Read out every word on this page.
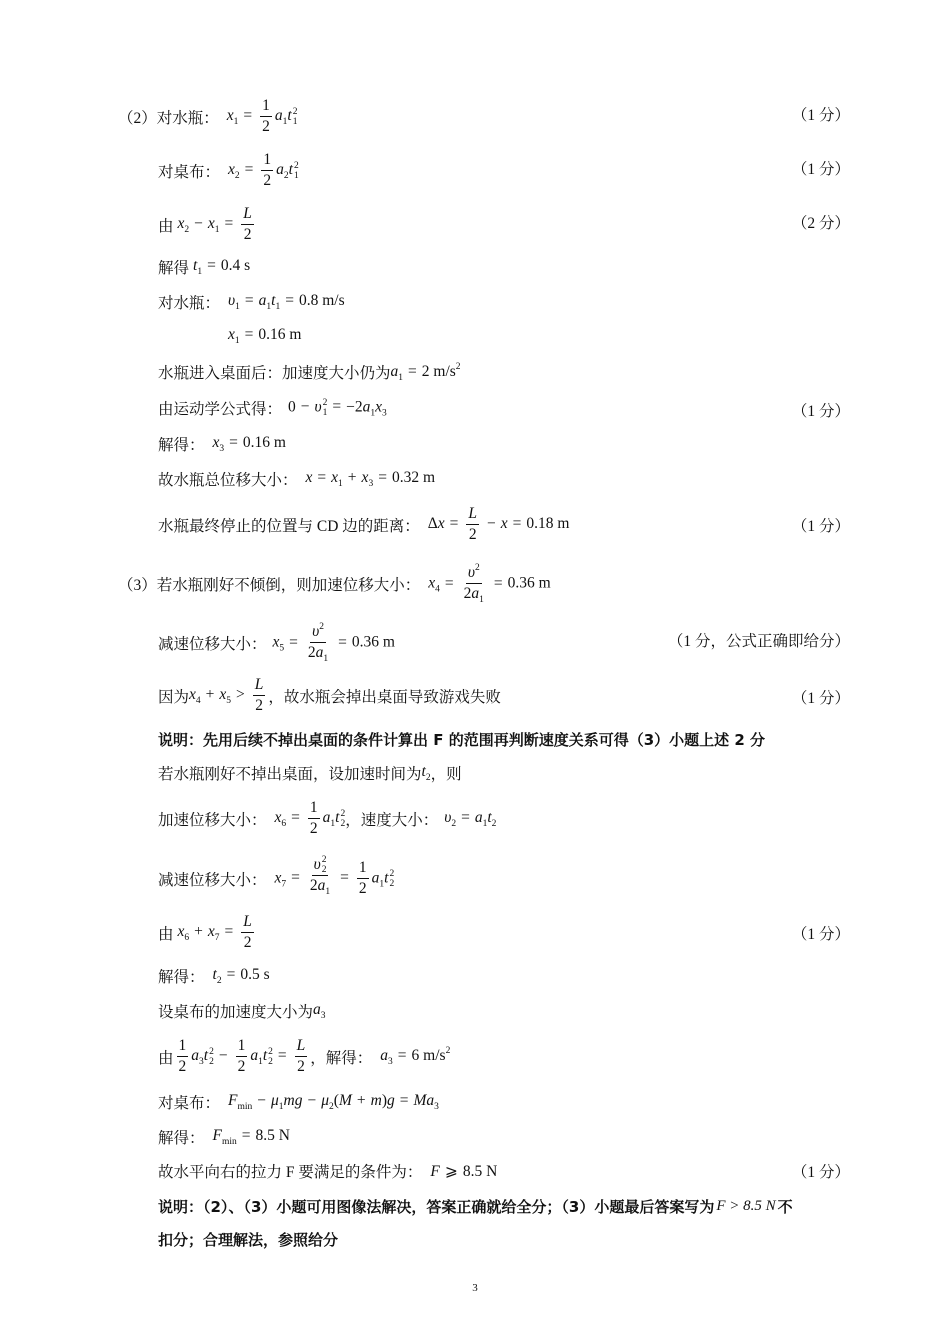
（2） 对水瓶： $x_1 = \frac{1}{2} a_1t$ 2
1	（1 分）
对桌布： $x_2 = \frac{1}{2} a_2t$ 2
1	（1 分）
由 $x_2 - x_1 = \frac{L}{2}$	（2 分）
解得 $t_1 = 0.4$ s
对水瓶： $\upsilon_1 = a_1t_1 = 0.8$ m/s
$x_1 = 0.16$ m
水瓶进入桌面后：加速度大小仍为 $a_1 = 2$ $m/s^2$
由运动学公式得： 0 − υ 2
$1 = -2a_1x_3$	（1 分）
解得： $x_3 = 0.16$ m
故水瓶总位移大小： $x = x_1 + x_3 = 0.32$ m
水瓶最终停止的位置与 CD 边的距离： $\Delta x = \frac{L}{2} - x = 0.18$ m	（1 分）
（3） 若水瓶刚好不倾倒，则加速位移大小： $x_4 = \frac{\upsilon^2}{2a_1} = 0.36$ m
减速位移大小： $x_5 = \frac{\upsilon^2}{2a_1} = 0.36$ m	（1 分，公式正确即给分）
因为 $x_4 + x_5 > \frac{L}{2}$ ，故水瓶会掉出桌面导致游戏失败	（1 分）
说明：先用后续不掉出桌面的条件计算出 F 的范围再判断速度关系可得（3）小题上述 2 分
若水瓶刚好不掉出桌面，设加速时间为 $t_2$ ，则
加速位移大小： $x_6 = \frac{1}{2} a_1t$ 2
2 ，速度大小： $\upsilon_2 = a_1t_2$
减速位移大小： $x_7 = \upsilon$ 2
2
$2a_1 = \frac{1}{2} a_1t$ 2
2
由 $x_6 + x_7 = \frac{L}{2}$	（1 分）
解得： $t_2 = 0.5$ s
设桌布的加速度大小为 $a_3$
由 $\frac{1}{2} a_3t$ 2
$2 - \frac{1}{2} a_1t$ 2
$2 = \frac{L}{2}$ ，解得： $a_3 = 6$ $m/s^2$
对桌布： $F_{min} - \mu_1mg - \mu_2(M + m)g = Ma_3$
解得： $F_{min} = 8.5$ N
故水平向右的拉力 F 要满足的条件为： F ⩾ 8.5 N	（1 分）
说明：（2）、（3）小题可用图像法解决，答案正确就给全分；（3）小题最后答案写为 F > 8.5 N 不
扣分；合理解法，参照给分
3
